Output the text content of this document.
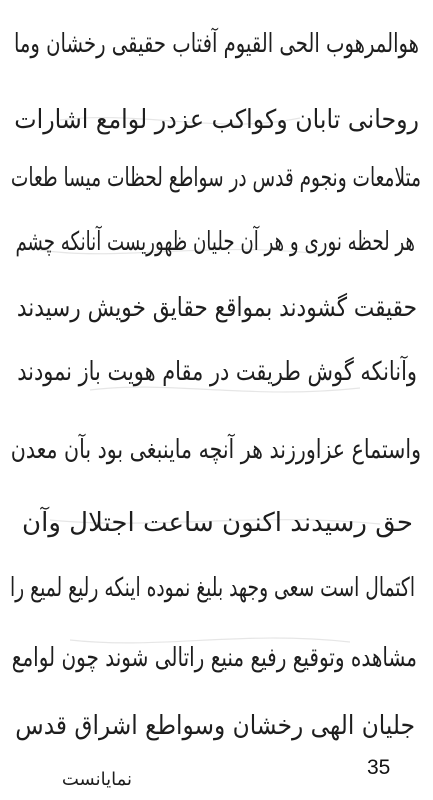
هوالمرهوب الحی القیوم آفتاب حقیقی رخشان وما
روحانی تابان وکواکب عزدر لوامع اشارات
متلامعات ونجوم قدس در سواطع لحظات میسا طعات
هر لحظه نوری و هر آن جلیان ظهوریست آنانکه چشم
حقیقت گشودند بمواقع حقایق خویش رسیدند
وآنانکه گوش طریقت در مقام هویت باز نمودند
واستماع عزاورزند هر آنچه ماینبغی بود بآن معدن
حق رسیدند اکنون ساعت اجتلال وآن
اکتمال است سعی وجهد بلیغ نموده اینکه رلیع لمیع را
مشاهده وتوقیع رفیع منیع راتالی شوند چون لوامع
جلیان الهی رخشان وسواطع اشراق قدس
نمایانست
35
